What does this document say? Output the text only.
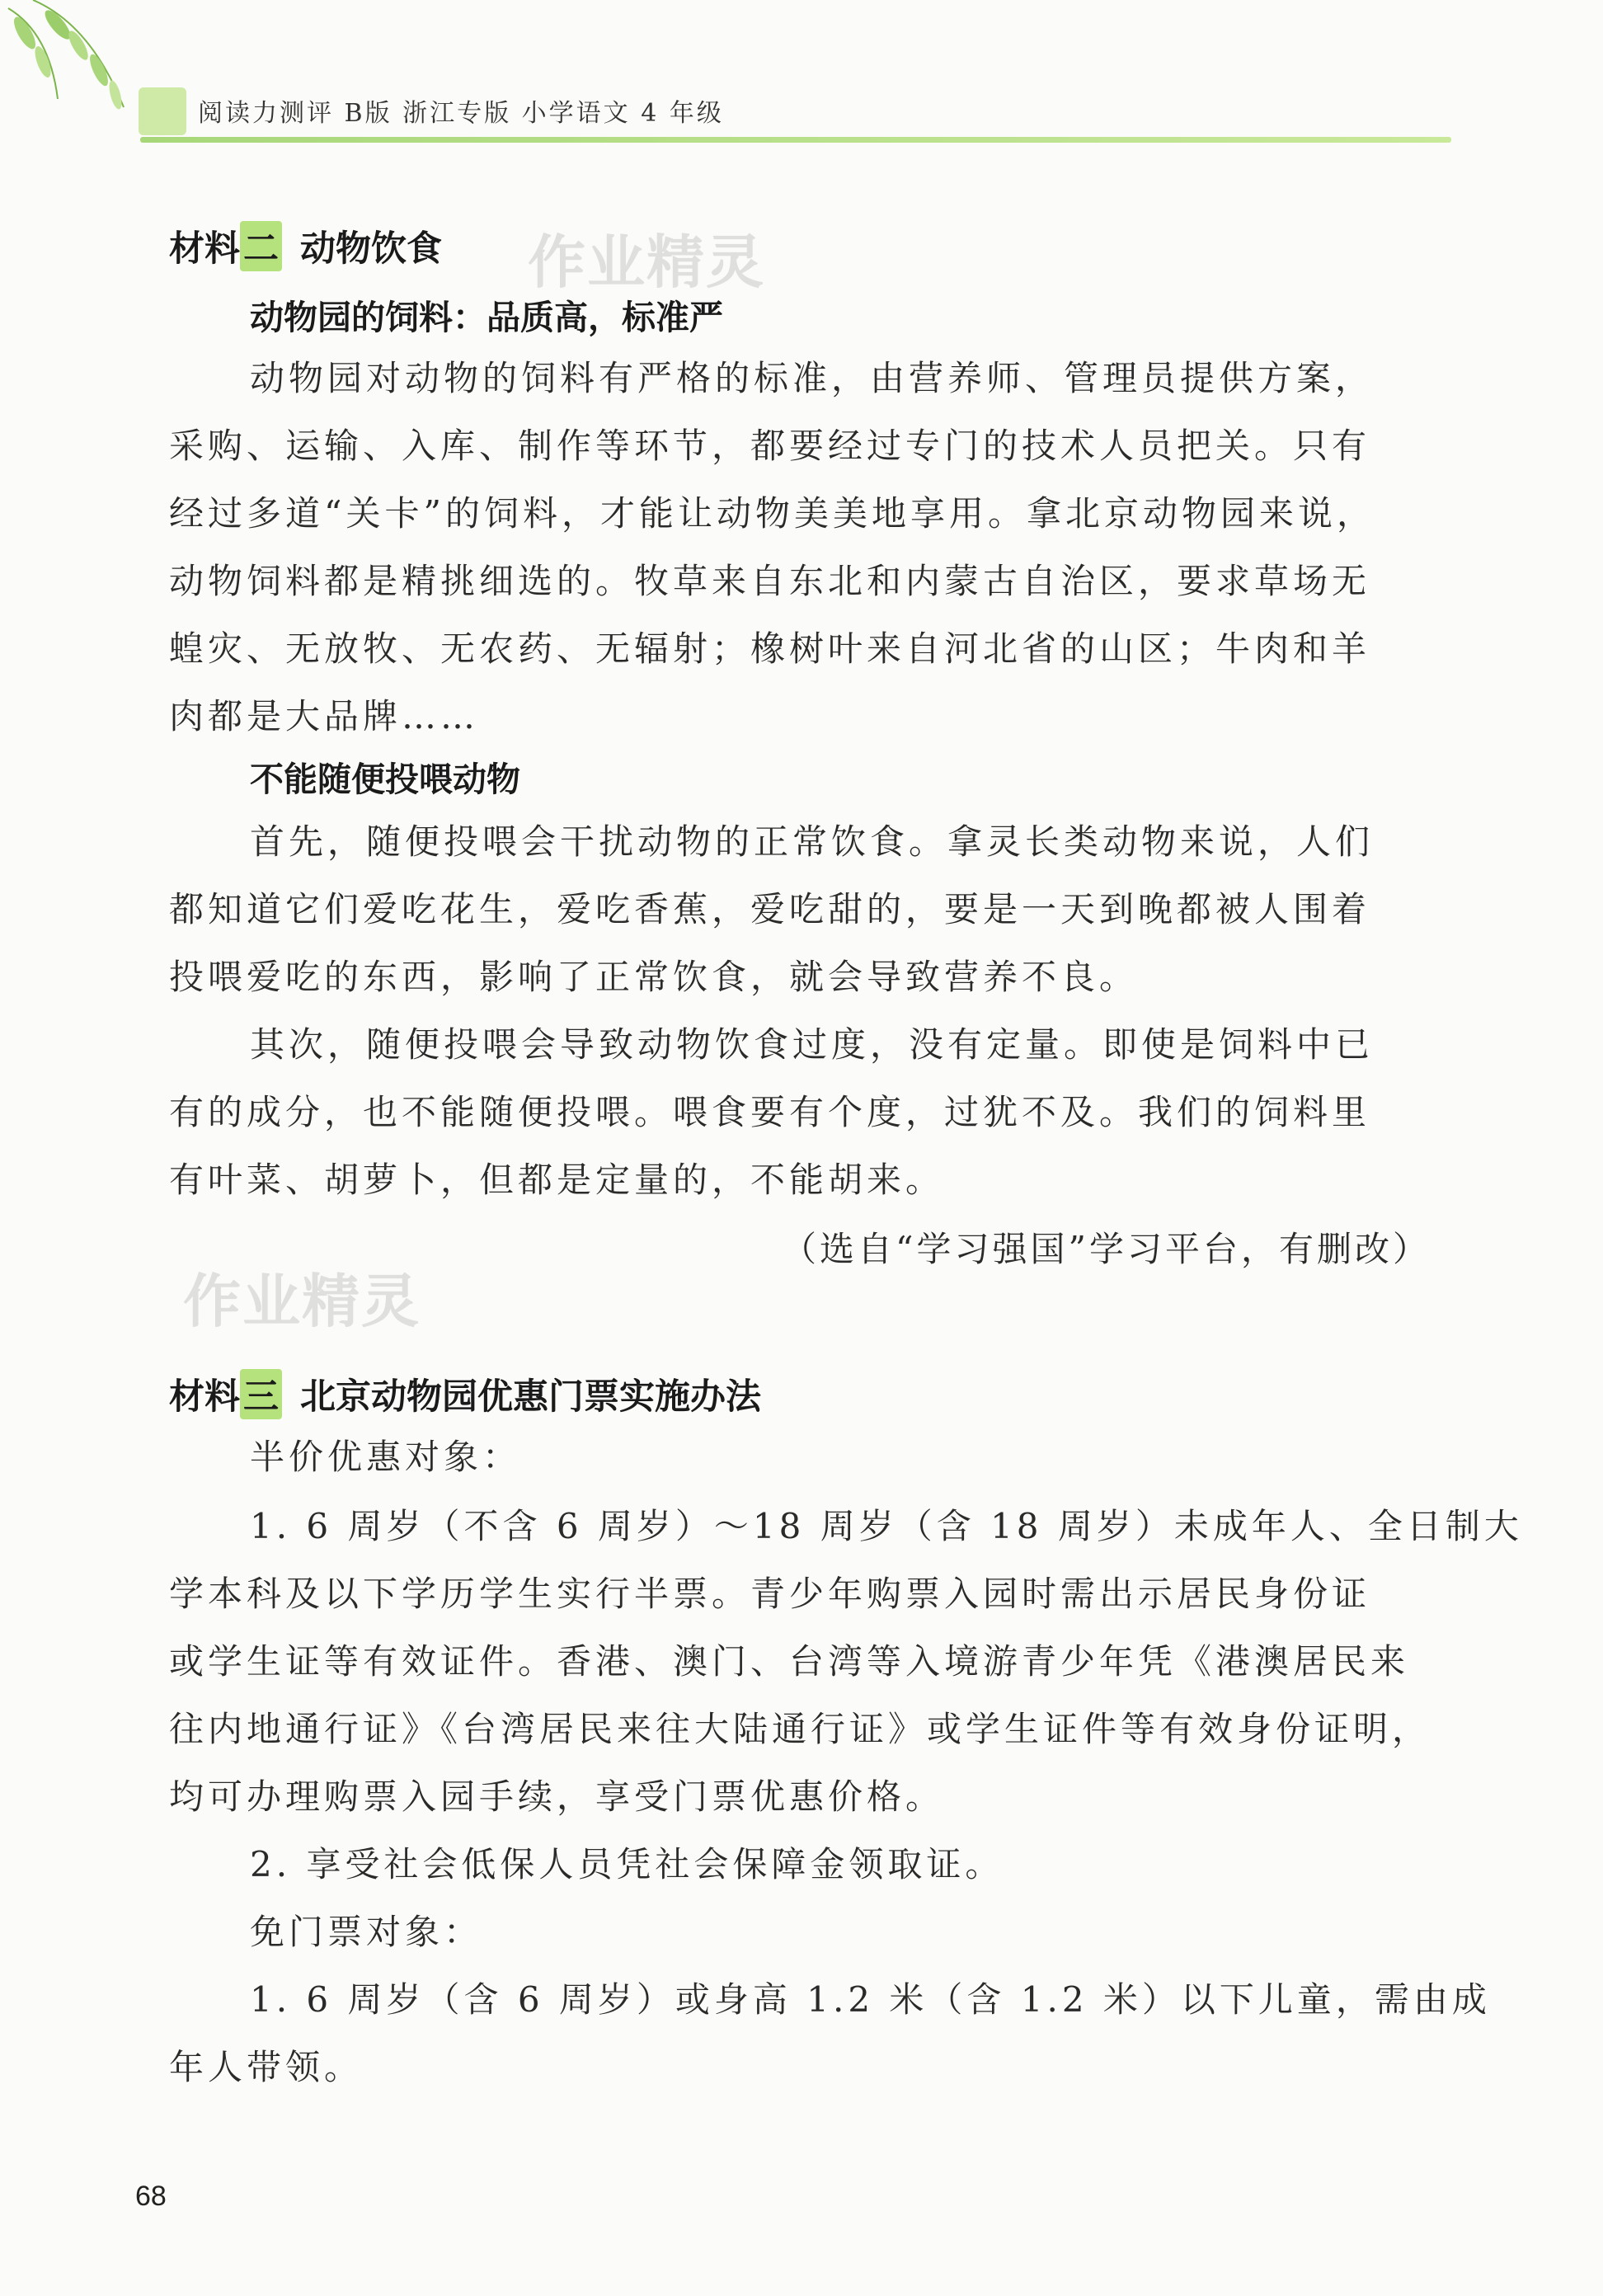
阅读力测评 B版 浙江专版 小学语文 4 年级
作业精灵
作业精灵
材料二 动物饮食
动物园的饲料：品质高，标准严
动物园对动物的饲料有严格的标准，由营养师、管理员提供方案，
采购、运输、入库、制作等环节，都要经过专门的技术人员把关。只有
经过多道“关卡”的饲料，才能让动物美美地享用。拿北京动物园来说，
动物饲料都是精挑细选的。牧草来自东北和内蒙古自治区，要求草场无
蝗灾、无放牧、无农药、无辐射；橡树叶来自河北省的山区；牛肉和羊
肉都是大品牌……
不能随便投喂动物
首先，随便投喂会干扰动物的正常饮食。拿灵长类动物来说，人们
都知道它们爱吃花生，爱吃香蕉，爱吃甜的，要是一天到晚都被人围着
投喂爱吃的东西，影响了正常饮食，就会导致营养不良。
其次，随便投喂会导致动物饮食过度，没有定量。即使是饲料中已
有的成分，也不能随便投喂。喂食要有个度，过犹不及。我们的饲料里
有叶菜、胡萝卜，但都是定量的，不能胡来。
（选自“学习强国”学习平台，有删改）
材料三 北京动物园优惠门票实施办法
半价优惠对象：
1. 6 周岁（不含 6 周岁）～18 周岁（含 18 周岁）未成年人、全日制大
学本科及以下学历学生实行半票。青少年购票入园时需出示居民身份证
或学生证等有效证件。香港、澳门、台湾等入境游青少年凭《港澳居民来
往内地通行证》《台湾居民来往大陆通行证》或学生证件等有效身份证明，
均可办理购票入园手续，享受门票优惠价格。
2. 享受社会低保人员凭社会保障金领取证。
免门票对象：
1. 6 周岁（含 6 周岁）或身高 1.2 米（含 1.2 米）以下儿童，需由成
年人带领。
68
